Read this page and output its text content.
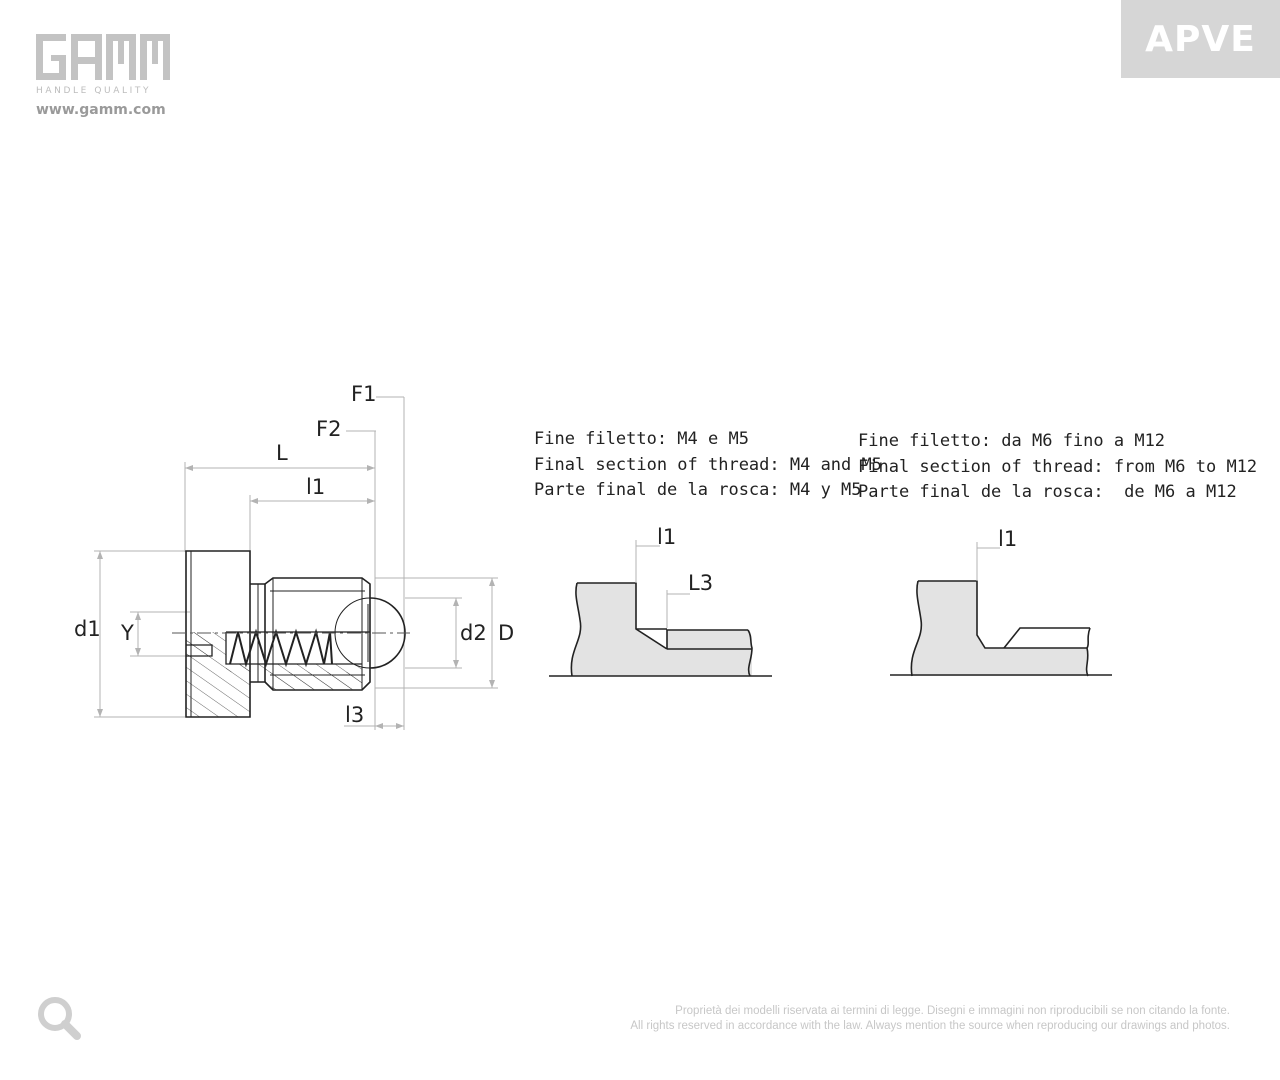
HANDLE QUALITY
www.gamm.com
APVE
F1
F2
L
l1
d1 Y	d2 D
l3
l1
L3
l1
Fine filetto: M4 e M5
Final section of thread: M4 and M5
Parte final de la rosca: M4 y M5
Fine filetto: da M6 fino a M12
Final section of thread: from M6 to M12
Parte final de la rosca:  de M6 a M12
Proprietà dei modelli riservata ai termini di legge. Disegni e immagini non riproducibili se non citando la fonte.
All rights reserved in accordance with the law. Always mention the source when reproducing our drawings and photos.
